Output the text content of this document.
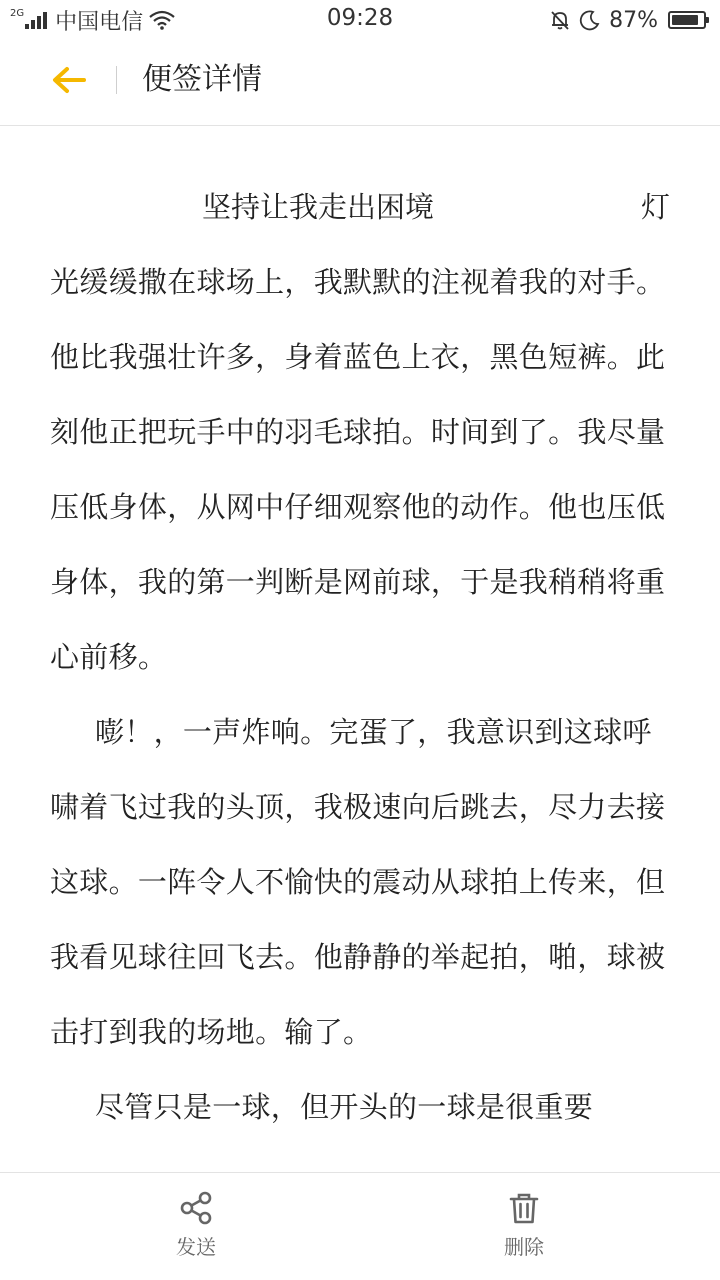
2G 中国电信	09:28	87%
便签详情
坚持让我走出困境	灯

光缓缓撒在球场上，我默默的注视着我的对手。他比我强壮许多，身着蓝色上衣，黑色短裤。此刻他正把玩手中的羽毛球拍。时间到了。我尽量压低身体，从网中仔细观察他的动作。他也压低身体，我的第一判断是网前球，于是我稍稍将重心前移。

嘭！，一声炸响。完蛋了，我意识到这球呼啸着飞过我的头顶，我极速向后跳去，尽力去接这球。一阵令人不愉快的震动从球拍上传来，但我看见球往回飞去。他静静的举起拍，啪，球被击打到我的场地。输了。

尽管只是一球，但开头的一球是很重要

发送	删除
